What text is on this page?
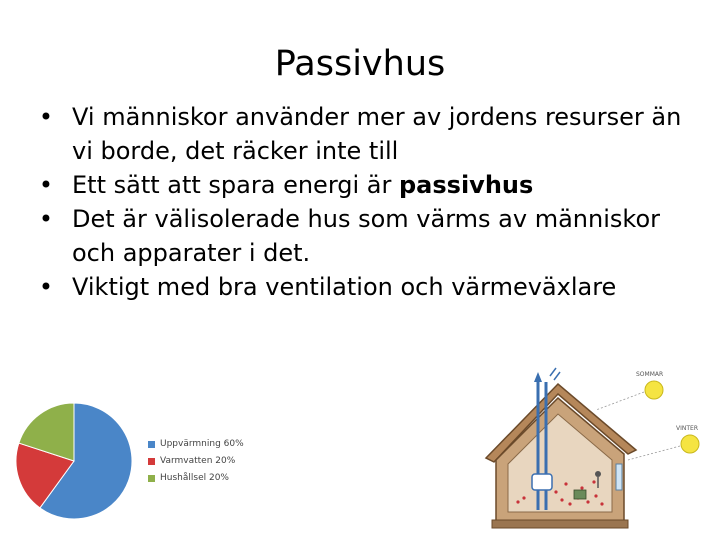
Passivhus
• Vi människor använder mer av jordens resurser än vi borde, det räcker inte till
• Ett sätt att spara energi är passivhus
• Det är välisolerade hus som värms av människor och apparater i det.
• Viktigt med bra ventilation och värmeväxlare
Uppvärmning 60%
Varmvatten 20%
Hushållsel 20%
SOMMAR
VINTER
